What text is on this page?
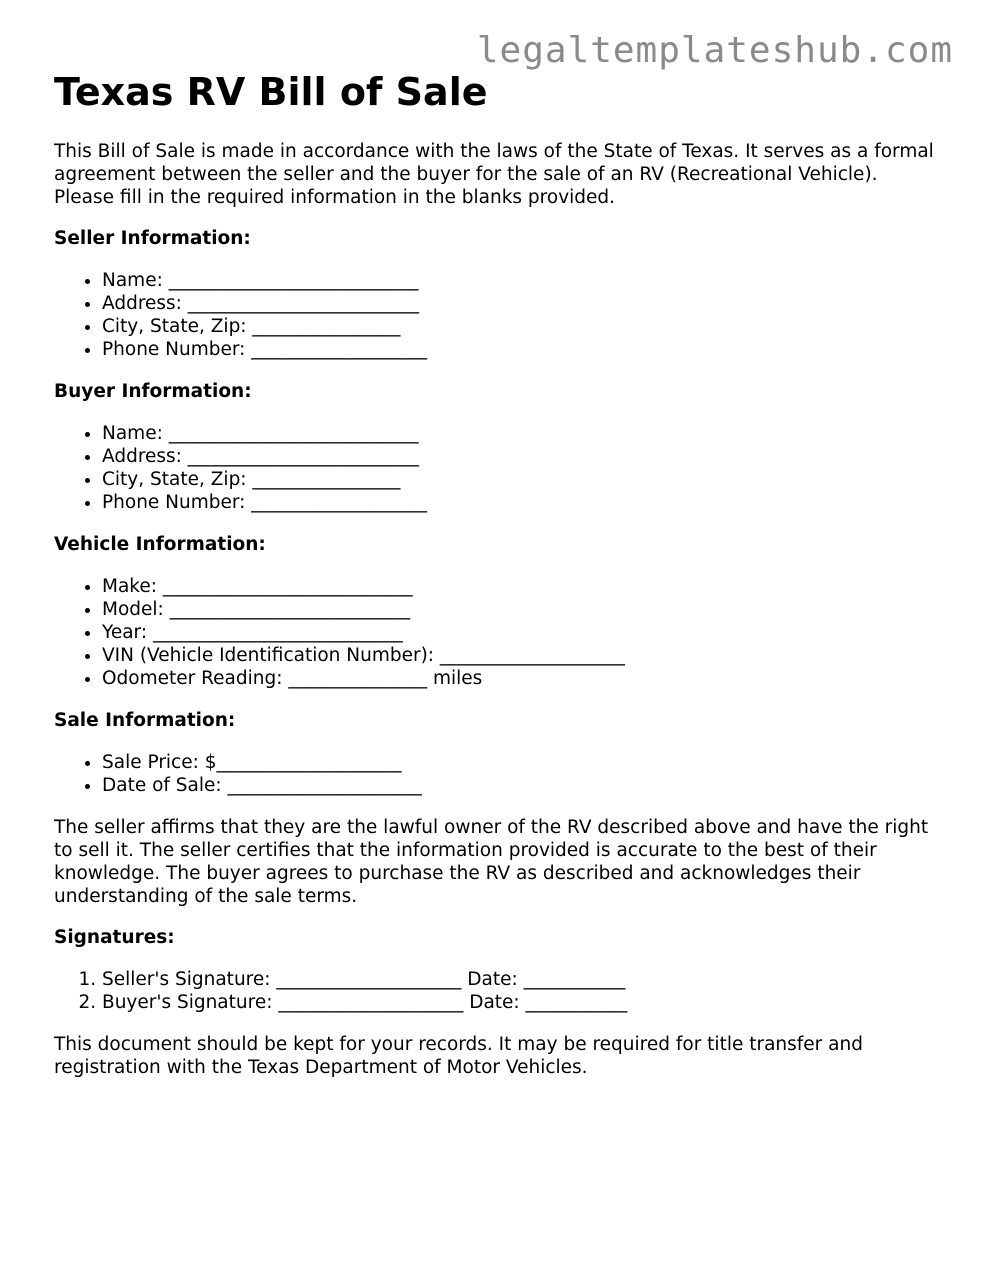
legaltemplateshub.com
Texas RV Bill of Sale

This Bill of Sale is made in accordance with the laws of the State of Texas. It serves as a formal agreement between the seller and the buyer for the sale of an RV (Recreational Vehicle). Please fill in the required information in the blanks provided.

Seller Information:
• Name: ___________________________
• Address: _________________________
• City, State, Zip: ________________
• Phone Number: ___________________
Buyer Information:
• Name: ___________________________
• Address: _________________________
• City, State, Zip: ________________
• Phone Number: ___________________
Vehicle Information:
• Make: ___________________________
• Model: __________________________
• Year: ___________________________
• VIN (Vehicle Identification Number): ____________________
• Odometer Reading: _______________ miles
Sale Information:
• Sale Price: $____________________
• Date of Sale: _____________________

The seller affirms that they are the lawful owner of the RV described above and have the right to sell it. The seller certifies that the information provided is accurate to the best of their knowledge. The buyer agrees to purchase the RV as described and acknowledges their understanding of the sale terms.

Signatures:
1. Seller's Signature: ____________________ Date: ___________
2. Buyer's Signature: ____________________ Date: ___________

This document should be kept for your records. It may be required for title transfer and registration with the Texas Department of Motor Vehicles.
